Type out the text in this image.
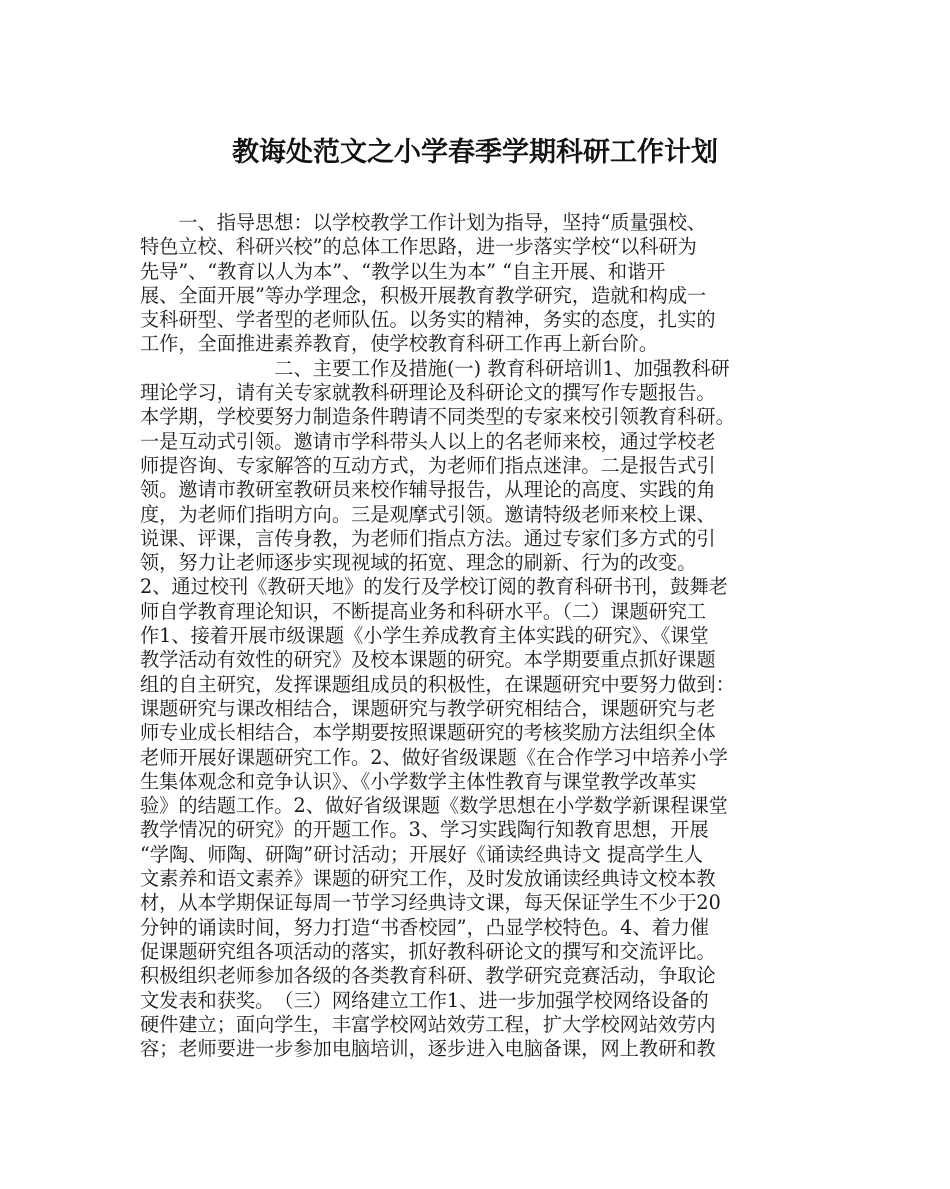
教诲处范文之小学春季学期科研工作计划
　　一、指导思想：以学校教学工作计划为指导，坚持“质量强校、
特色立校、科研兴校”的总体工作思路，进一步落实学校“以科研为
先导”、“教育以人为本”、“教学以生为本” “自主开展、和谐开
展、全面开展”等办学理念，积极开展教育教学研究，造就和构成一
支科研型、学者型的老师队伍。以务实的精神，务实的态度，扎实的
工作，全面推进素养教育，使学校教育科研工作再上新台阶。
　　　　　　　二、主要工作及措施(一) 教育科研培训1、加强教科研
理论学习，请有关专家就教科研理论及科研论文的撰写作专题报告。
本学期，学校要努力制造条件聘请不同类型的专家来校引领教育科研。
一是互动式引领。邀请市学科带头人以上的名老师来校，通过学校老
师提咨询、专家解答的互动方式，为老师们指点迷津。二是报告式引
领。邀请市教研室教研员来校作辅导报告，从理论的高度、实践的角
度，为老师们指明方向。三是观摩式引领。邀请特级老师来校上课、
说课、评课，言传身教，为老师们指点方法。通过专家们多方式的引
领，努力让老师逐步实现视域的拓宽、理念的刷新、行为的改变。
2、通过校刊《教研天地》的发行及学校订阅的教育科研书刊，鼓舞老
师自学教育理论知识，不断提高业务和科研水平。（二）课题研究工
作1、接着开展市级课题《小学生养成教育主体实践的研究》、《课堂
教学活动有效性的研究》及校本课题的研究。本学期要重点抓好课题
组的自主研究，发挥课题组成员的积极性，在课题研究中要努力做到：
课题研究与课改相结合，课题研究与教学研究相结合，课题研究与老
师专业成长相结合，本学期要按照课题研究的考核奖励方法组织全体
老师开展好课题研究工作。2、做好省级课题《在合作学习中培养小学
生集体观念和竞争认识》、《小学数学主体性教育与课堂教学改革实
验》的结题工作。2、做好省级课题《数学思想在小学数学新课程课堂
教学情况的研究》的开题工作。3、学习实践陶行知教育思想，开展
“学陶、师陶、研陶”研讨活动；开展好《诵读经典诗文 提高学生人
文素养和语文素养》课题的研究工作，及时发放诵读经典诗文校本教
材，从本学期保证每周一节学习经典诗文课，每天保证学生不少于20
分钟的诵读时间，努力打造“书香校园”，凸显学校特色。4、着力催
促课题研究组各项活动的落实，抓好教科研论文的撰写和交流评比。
积极组织老师参加各级的各类教育科研、教学研究竞赛活动，争取论
文发表和获奖。　（三）网络建立工作1、进一步加强学校网络设备的
硬件建立；面向学生，丰富学校网站效劳工程，扩大学校网站效劳内
容；老师要进一步参加电脑培训，逐步进入电脑备课，网上教研和教
